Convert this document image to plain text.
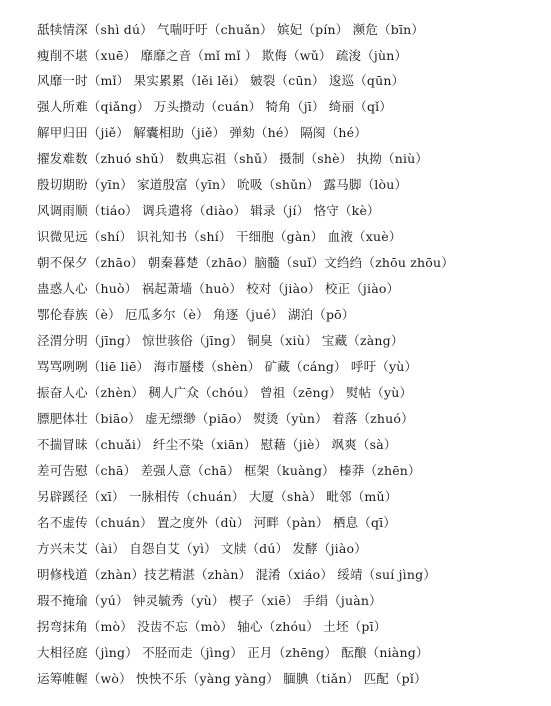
舐犊情深（shì dú） 气喘吁吁（chuǎn） 嫔妃（pín） 濒危（bīn）
瘦削不堪（xuē） 靡靡之音（mǐ mǐ ） 欺侮（wǔ） 疏浚（jùn）
风靡一时（mǐ） 果实累累（lěi lěi） 皴裂（cūn） 逡巡（qūn）
强人所难（qiǎng） 万头攒动（cuán） 犄角（jī） 绮丽（qǐ）
解甲归田（jiě） 解囊相助（jiě） 弹劾（hé） 隔阂（hé）
擢发难数（zhuó shǔ） 数典忘祖（shǔ） 摄制（shè） 执拗（niù）
殷切期盼（yīn） 家道殷富（yīn） 吮吸（shǔn） 露马脚（lòu）
风调雨顺（tiáo） 调兵遣将（diào） 辑录（jí） 恪守（kè）
识微见远（shí） 识礼知书（shí） 干细胞（gàn） 血液（xuè）
朝不保夕（zhāo） 朝秦暮楚（zhāo）脑髓（suǐ）文绉绉（zhōu zhōu）
蛊惑人心（huò） 祸起萧墙（huò） 校对（jiào） 校正（jiào）
鄂伦春族（è） 厄瓜多尔（è） 角逐（jué） 湖泊（pō）
泾渭分明（jīng） 惊世骇俗（jīng） 铜臭（xiù） 宝藏（zàng）
骂骂咧咧（liē liē） 海市蜃楼（shèn） 矿藏（cáng） 呼吁（yù）
振奋人心（zhèn） 稠人广众（chóu） 曾祖（zēng） 熨帖（yù）
膘肥体壮（biāo） 虚无缥缈（piāo） 熨烫（yùn） 着落（zhuó）
不揣冒昧（chuǎi） 纤尘不染（xiān） 慰藉（jiè） 飒爽（sà）
差可告慰（chā） 差强人意（chā） 框架（kuàng） 榛莽（zhēn）
另辟蹊径（xī） 一脉相传（chuán） 大厦（shà） 毗邻（mǔ）
名不虚传（chuán） 置之度外（dù） 河畔（pàn） 栖息（qī）
方兴未艾（ài） 自怨自艾（yì） 文牍（dú） 发酵（jiào）
明修栈道（zhàn）技艺精湛（zhàn） 混淆（xiáo） 绥靖（suí jìng）
瑕不掩瑜（yú） 钟灵毓秀（yù） 楔子（xiē） 手绢（juàn）
拐弯抹角（mò） 没齿不忘（mò） 轴心（zhóu） 土坯（pī）
大相径庭（jìng） 不胫而走（jìng） 正月（zhēng） 酝酿（niàng）
运筹帷幄（wò） 怏怏不乐（yàng yàng） 腼腆（tiǎn） 匹配（pǐ）
